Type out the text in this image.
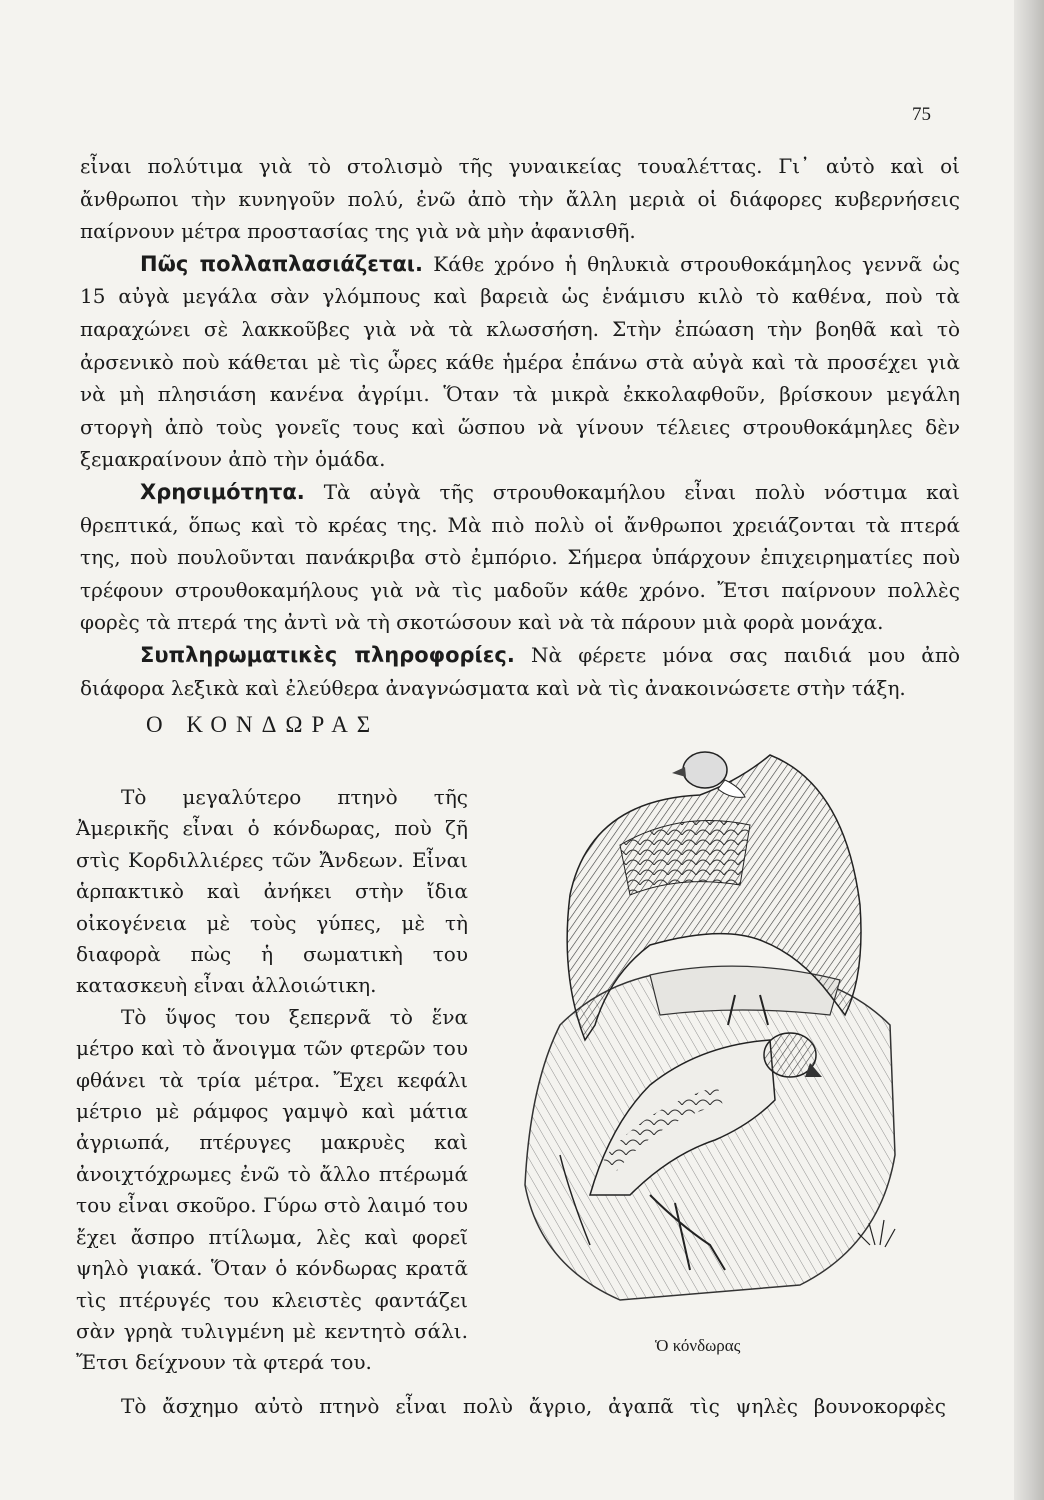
75

εἶναι πολύτιμα γιὰ τὸ στολισμὸ τῆς γυναικείας τουαλέττας. Γι᾿ αὐτὸ καὶ οἱ ἄνθρωποι τὴν κυνηγοῦν πολύ, ἐνῶ ἀπὸ τὴν ἄλλη μεριὰ οἱ διάφορες κυβερνήσεις παίρνουν μέτρα προστασίας της γιὰ νὰ μὴν ἀφανισθῆ.

Πῶς πολλαπλασιάζεται. Κάθε χρόνο ἡ θηλυκιὰ στρουθοκάμηλος γεννᾶ ὡς 15 αὐγὰ μεγάλα σὰν γλόμπους καὶ βαρειὰ ὡς ἑνάμισυ κιλὸ τὸ καθένα, ποὺ τὰ παραχώνει σὲ λακκοῦβες γιὰ νὰ τὰ κλωσσήση. Στὴν ἐπώαση τὴν βοηθᾶ καὶ τὸ ἀρσενικὸ ποὺ κάθεται μὲ τὶς ὧρες κάθε ἡμέρα ἐπάνω στὰ αὐγὰ καὶ τὰ προσέχει γιὰ νὰ μὴ πλησιάση κανένα ἀγρίμι. Ὅταν τὰ μικρὰ ἐκκολαφθοῦν, βρίσκουν μεγάλη στοργὴ ἀπὸ τοὺς γονεῖς τους καὶ ὥσπου νὰ γίνουν τέλειες στρουθοκάμηλες δὲν ξεμακραίνουν ἀπὸ τὴν ὁμάδα.

Χρησιμότητα. Τὰ αὐγὰ τῆς στρουθοκαμήλου εἶναι πολὺ νόστιμα καὶ θρεπτικά, ὅπως καὶ τὸ κρέας της. Μὰ πιὸ πολὺ οἱ ἄνθρωποι χρειάζονται τὰ πτερά της, ποὺ πουλοῦνται πανάκριβα στὸ ἐμπόριο. Σήμερα ὑπάρχουν ἐπιχειρηματίες ποὺ τρέφουν στρουθοκαμήλους γιὰ νὰ τὶς μαδοῦν κάθε χρόνο. Ἔτσι παίρνουν πολλὲς φορὲς τὰ πτερά της ἀντὶ νὰ τὴ σκοτώσουν καὶ νὰ τὰ πάρουν μιὰ φορὰ μονάχα.

Συπληρωματικὲς πληροφορίες. Νὰ φέρετε μόνα σας παιδιά μου ἀπὸ διάφορα λεξικὰ καὶ ἐλεύθερα ἀναγνώσματα καὶ νὰ τὶς ἀνακοινώσετε στὴν τάξη.

Ο ΚΟΝΔΩΡΑΣ

Τὸ μεγαλύτερο πτηνὸ τῆς Ἀμερικῆς εἶναι ὁ κόνδωρας, ποὺ ζῆ στὶς Κορδιλλιέρες τῶν Ἄνδεων. Εἶναι ἁρπακτικὸ καὶ ἀνήκει στὴν ἴδια οἰκογένεια μὲ τοὺς γύπες, μὲ τὴ διαφορὰ πὼς ἡ σωματικὴ του κατασκευὴ εἶναι ἀλλοιώτικη.

Τὸ ὕψος του ξεπερνᾶ τὸ ἕνα μέτρο καὶ τὸ ἄνοιγμα τῶν φτερῶν του φθάνει τὰ τρία μέτρα. Ἔχει κεφάλι μέτριο μὲ ράμφος γαμψὸ καὶ μάτια ἀγριωπά, πτέρυγες μακρυὲς καὶ ἀνοιχτόχρωμες ἐνῶ τὸ ἄλλο πτέρωμά του εἶναι σκοῦρο. Γύρω στὸ λαιμό του ἔχει ἄσπρο πτίλωμα, λὲς καὶ φορεῖ ψηλὸ γιακά. Ὅταν ὁ κόνδωρας κρατᾶ τὶς πτέρυγές του κλειστὲς φαντάζει σὰν γρηὰ τυλιγμένη μὲ κεντητὸ σάλι. Ἔτσι δείχνουν τὰ φτερά του.

Ὁ κόνδωρας
Τὸ ἄσχημο αὐτὸ πτηνὸ εἶναι πολὺ ἄγριο, ἀγαπᾶ τὶς ψηλὲς βουνοκορφὲς
